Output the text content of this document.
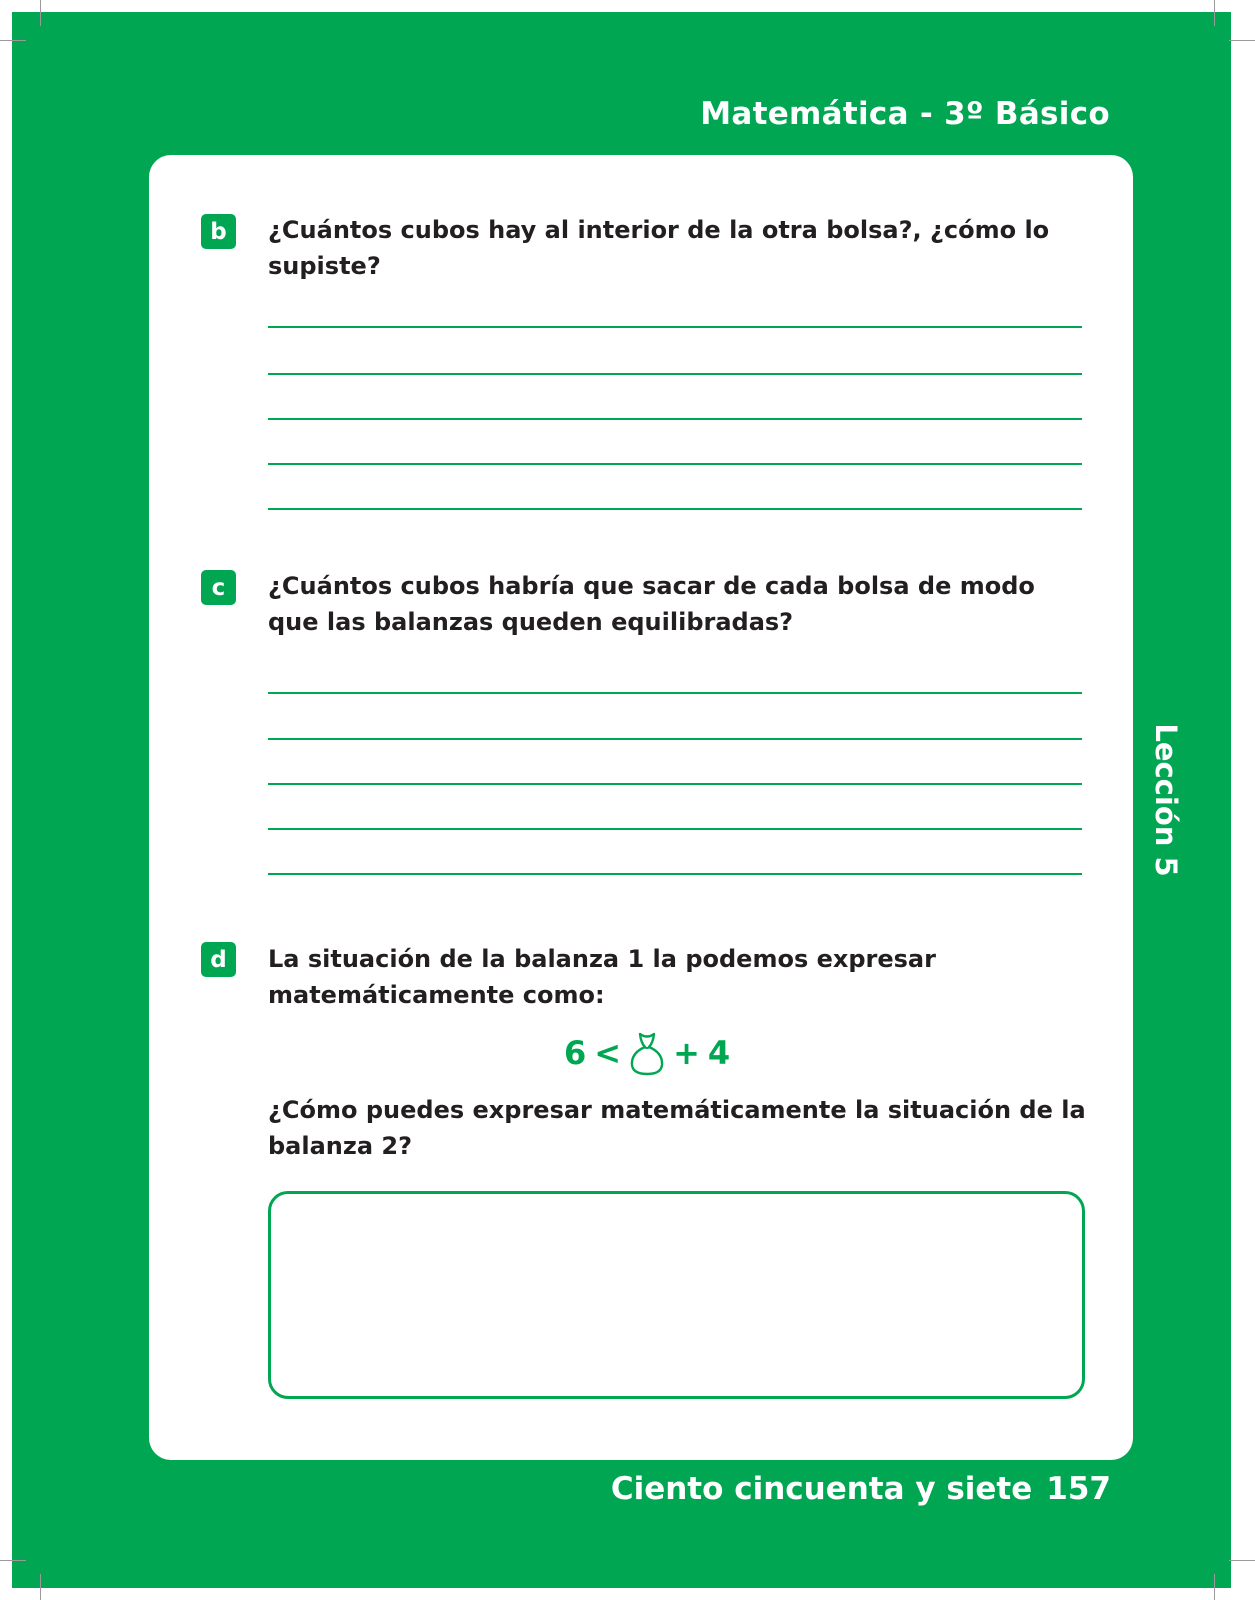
Matemática - 3º Básico
b	¿Cuántos cubos hay al interior de la otra bolsa?, ¿cómo lo
supiste?
c	¿Cuántos cubos habría que sacar de cada bolsa de modo
que las balanzas queden equilibradas?
d	La situación de la balanza 1 la podemos expresar
matemáticamente como:
6 < + 4
¿Cómo puedes expresar matemáticamente la situación de la
balanza 2?
Lección 5
Ciento cincuenta y siete 157
